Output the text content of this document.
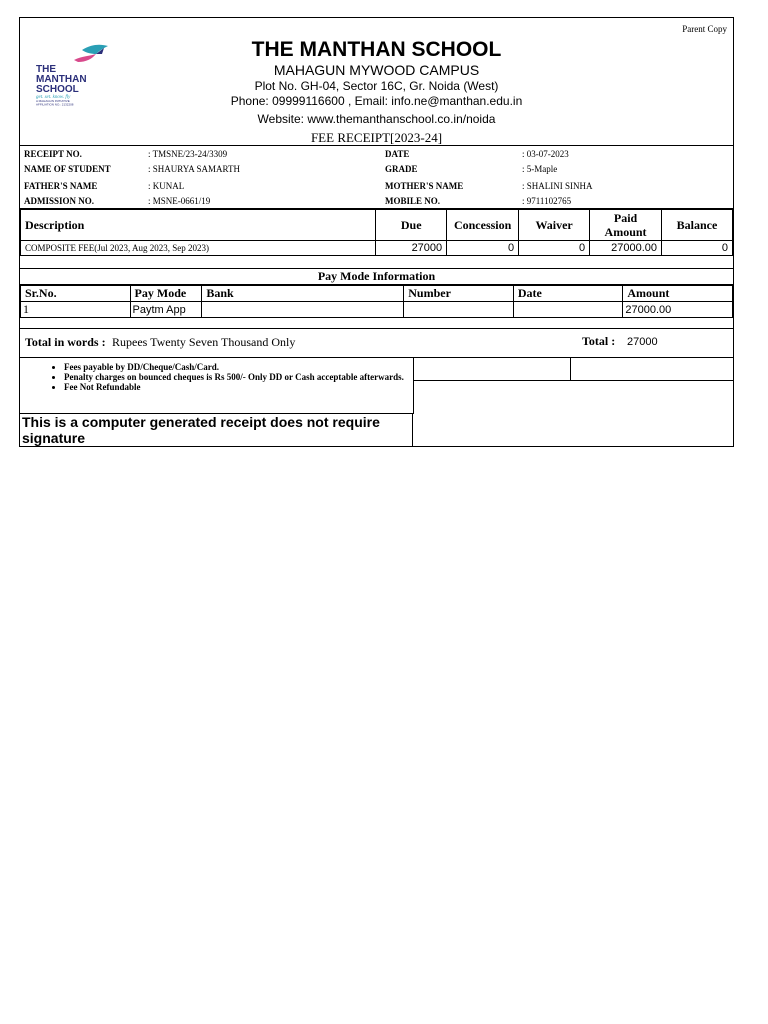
Parent Copy
THE
MANTHAN
SCHOOL
get. set. know. fly
A MAHAGUN INITIATIVE
AFFILIATION NO.: 2132208
THE MANTHAN SCHOOL
MAHAGUN MYWOOD CAMPUS
Plot No. GH-04, Sector 16C, Gr. Noida (West)
Phone: 09999116600 , Email: info.ne@manthan.edu.in
Website: www.themanthanschool.co.in/noida
FEE RECEIPT[2023-24]
RECEIPT NO.	: TMSNE/23-24/3309	DATE	: 03-07-2023
NAME OF STUDENT	: SHAURYA SAMARTH	GRADE	: 5-Maple
FATHER'S NAME	: KUNAL	MOTHER'S NAME	: SHALINI SINHA
ADMISSION NO.	: MSNE-0661/19	MOBILE NO.	: 9711102765
Description	Due	Concession	Waiver	Paid Amount	Balance
COMPOSITE FEE(Jul 2023, Aug 2023, Sep 2023)	27000	0	0	27000.00	0
Pay Mode Information
Sr.No.	Pay Mode	Bank	Number	Date	Amount
1	Paytm App				27000.00
Total in words : Rupees Twenty Seven Thousand Only	Total : 27000
• Fees payable by DD/Cheque/Cash/Card.
• Penalty charges on bounced cheques is Rs 500/- Only DD or Cash acceptable afterwards.
• Fee Not Refundable
This is a computer generated receipt does not require signature
